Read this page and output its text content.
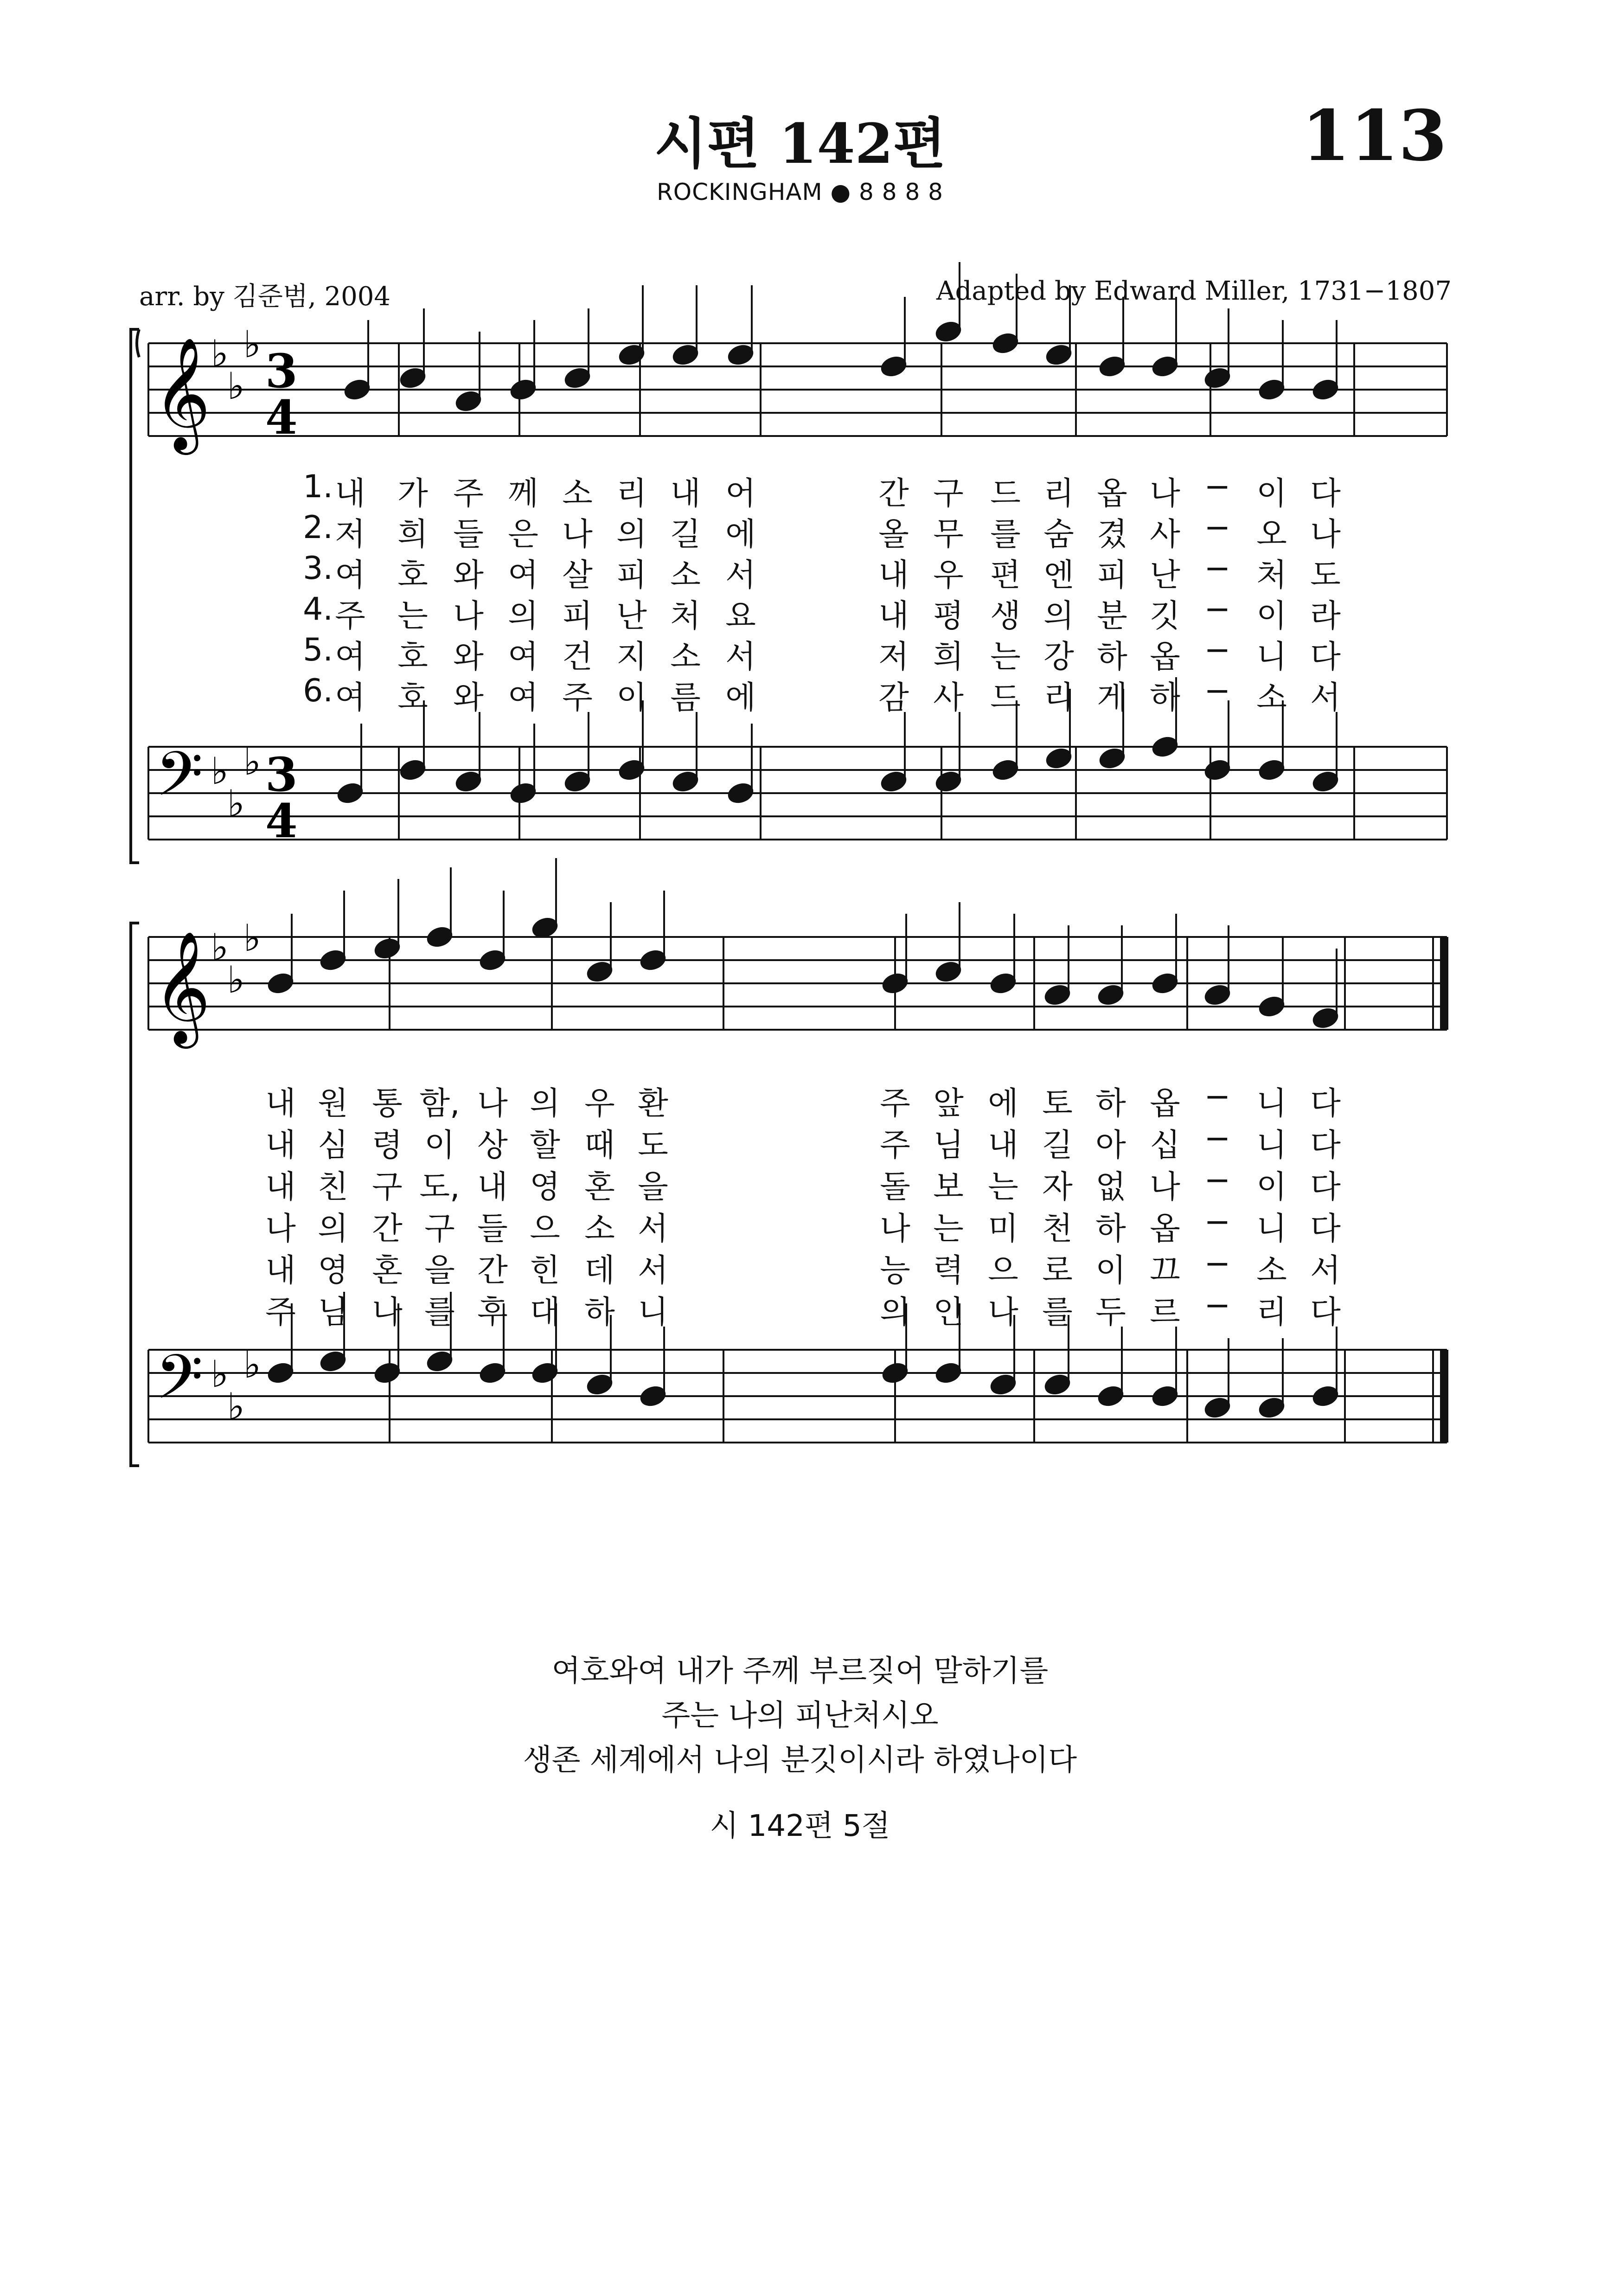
시편 142편	113
ROCKINGHAM ● 8 8 8 8
arr. by 김준범, 2004	Adapted by Edward Miller, 1731−1807
𝄞
𝄢
♭
♭
♭
♭
♭
♭
3
4
3
4
𝄞
𝄢
♭
♭
♭
♭
♭
♭
1. 내 가 주 께 소 리 내 어	간 구 드 리 옵 나 − 이 다
2. 저 희 들 은 나 의 길 에	올 무 를 숨 겼 사 − 오 나
3. 여 호 와 여 살 피 소 서	내 우 편 엔 피 난 − 처 도
4. 주 는 나 의 피 난 처 요	내 평 생 의 분 깃 − 이 라
5. 여 호 와 여 건 지 소 서	저 희 는 강 하 옵 − 니 다
6. 여 호 와 여 주 이 름 에	감 사 드 리 게 하 − 소 서
내 원 통 함, 나 의 우 환	주 앞 에 토 하 옵 − 니 다
내 심 령 이 상 할 때 도	주 님 내 길 아 십 − 니 다
내 친 구 도, 내 영 혼 을	돌 보 는 자 없 나 − 이 다
나 의 간 구 들 으 소 서	나 는 미 천 하 옵 − 니 다
내 영 혼 을 간 힌 데 서	능 력 으 로 이 끄 − 소 서
주 님 나 를 후 대 하 니	의 인 나 를 두 르 − 리 다
여호와여 내가 주께 부르짖어 말하기를
주는 나의 피난처시오
생존 세계에서 나의 분깃이시라 하였나이다
시 142편 5절
